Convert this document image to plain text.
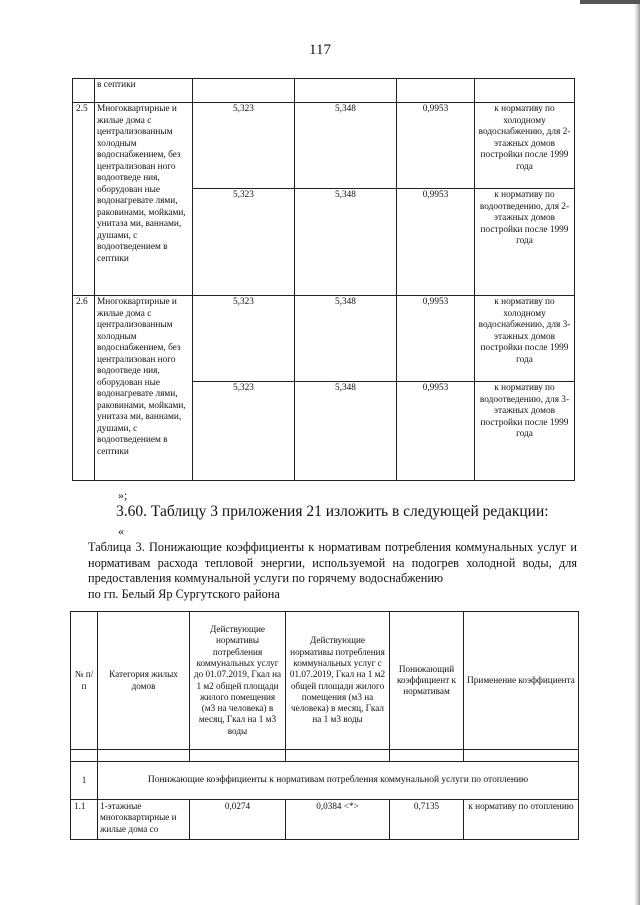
117
	в септики				
2.5	Многоквартирные и жилые дома с централизованным холодным водоснабжением, без централизован ного водоотведе ния, оборудован ные водонагревате лями, раковинами, мойками, унитаза ми, ваннами, душами, с водоотведением в септики	5,323	5,348	0,9953	к нормативу по холодному водоснабжению, для 2-этажных домов постройки после 1999 года
		5,323	5,348	0,9953	к нормативу по водоотведению, для 2-этажных домов постройки после 1999 года
2.6	Многоквартирные и жилые дома с централизованным холодным водоснабжением, без централизован ного водоотведе ния, оборудован ные водонагревате лями, раковинами, мойками, унитаза ми, ваннами, душами, с водоотведением в септики	5,323	5,348	0,9953	к нормативу по холодному водоснабжению, для 3-этажных домов постройки после 1999 года
		5,323	5,348	0,9953	к нормативу по водоотведению, для 3-этажных домов постройки после 1999 года
»;
3.60. Таблицу 3 приложения 21 изложить в следующей редакции:
«
Таблица 3. Понижающие коэффициенты к нормативам потребления коммунальных услуг и нормативам расхода тепловой энергии, используемой на подогрев холодной воды, для предоставления коммунальной услуги по горячему водоснабжению
по гп. Белый Яр Сургутского района
№ п/п	Категория жилых домов	Действующие нормативы потребления коммунальных услуг до 01.07.2019, Гкал на 1 м2 общей площади жилого помещения (м3 на человека) в месяц, Гкал на 1 м3 воды	Действующие нормативы потребления коммунальных услуг с 01.07.2019, Гкал на 1 м2 общей площади жилого помещения (м3 на человека) в месяц, Гкал на 1 м3 воды	Понижающий коэффициент к нормативам	Применение коэффициента

1	Понижающие коэффициенты к нормативам потребления коммунальной услуги по отоплению				
1.1	1-этажные многоквартирные и жилые дома со	0,0274	0,0384 <*>	0,7135	к нормативу по отоплению
